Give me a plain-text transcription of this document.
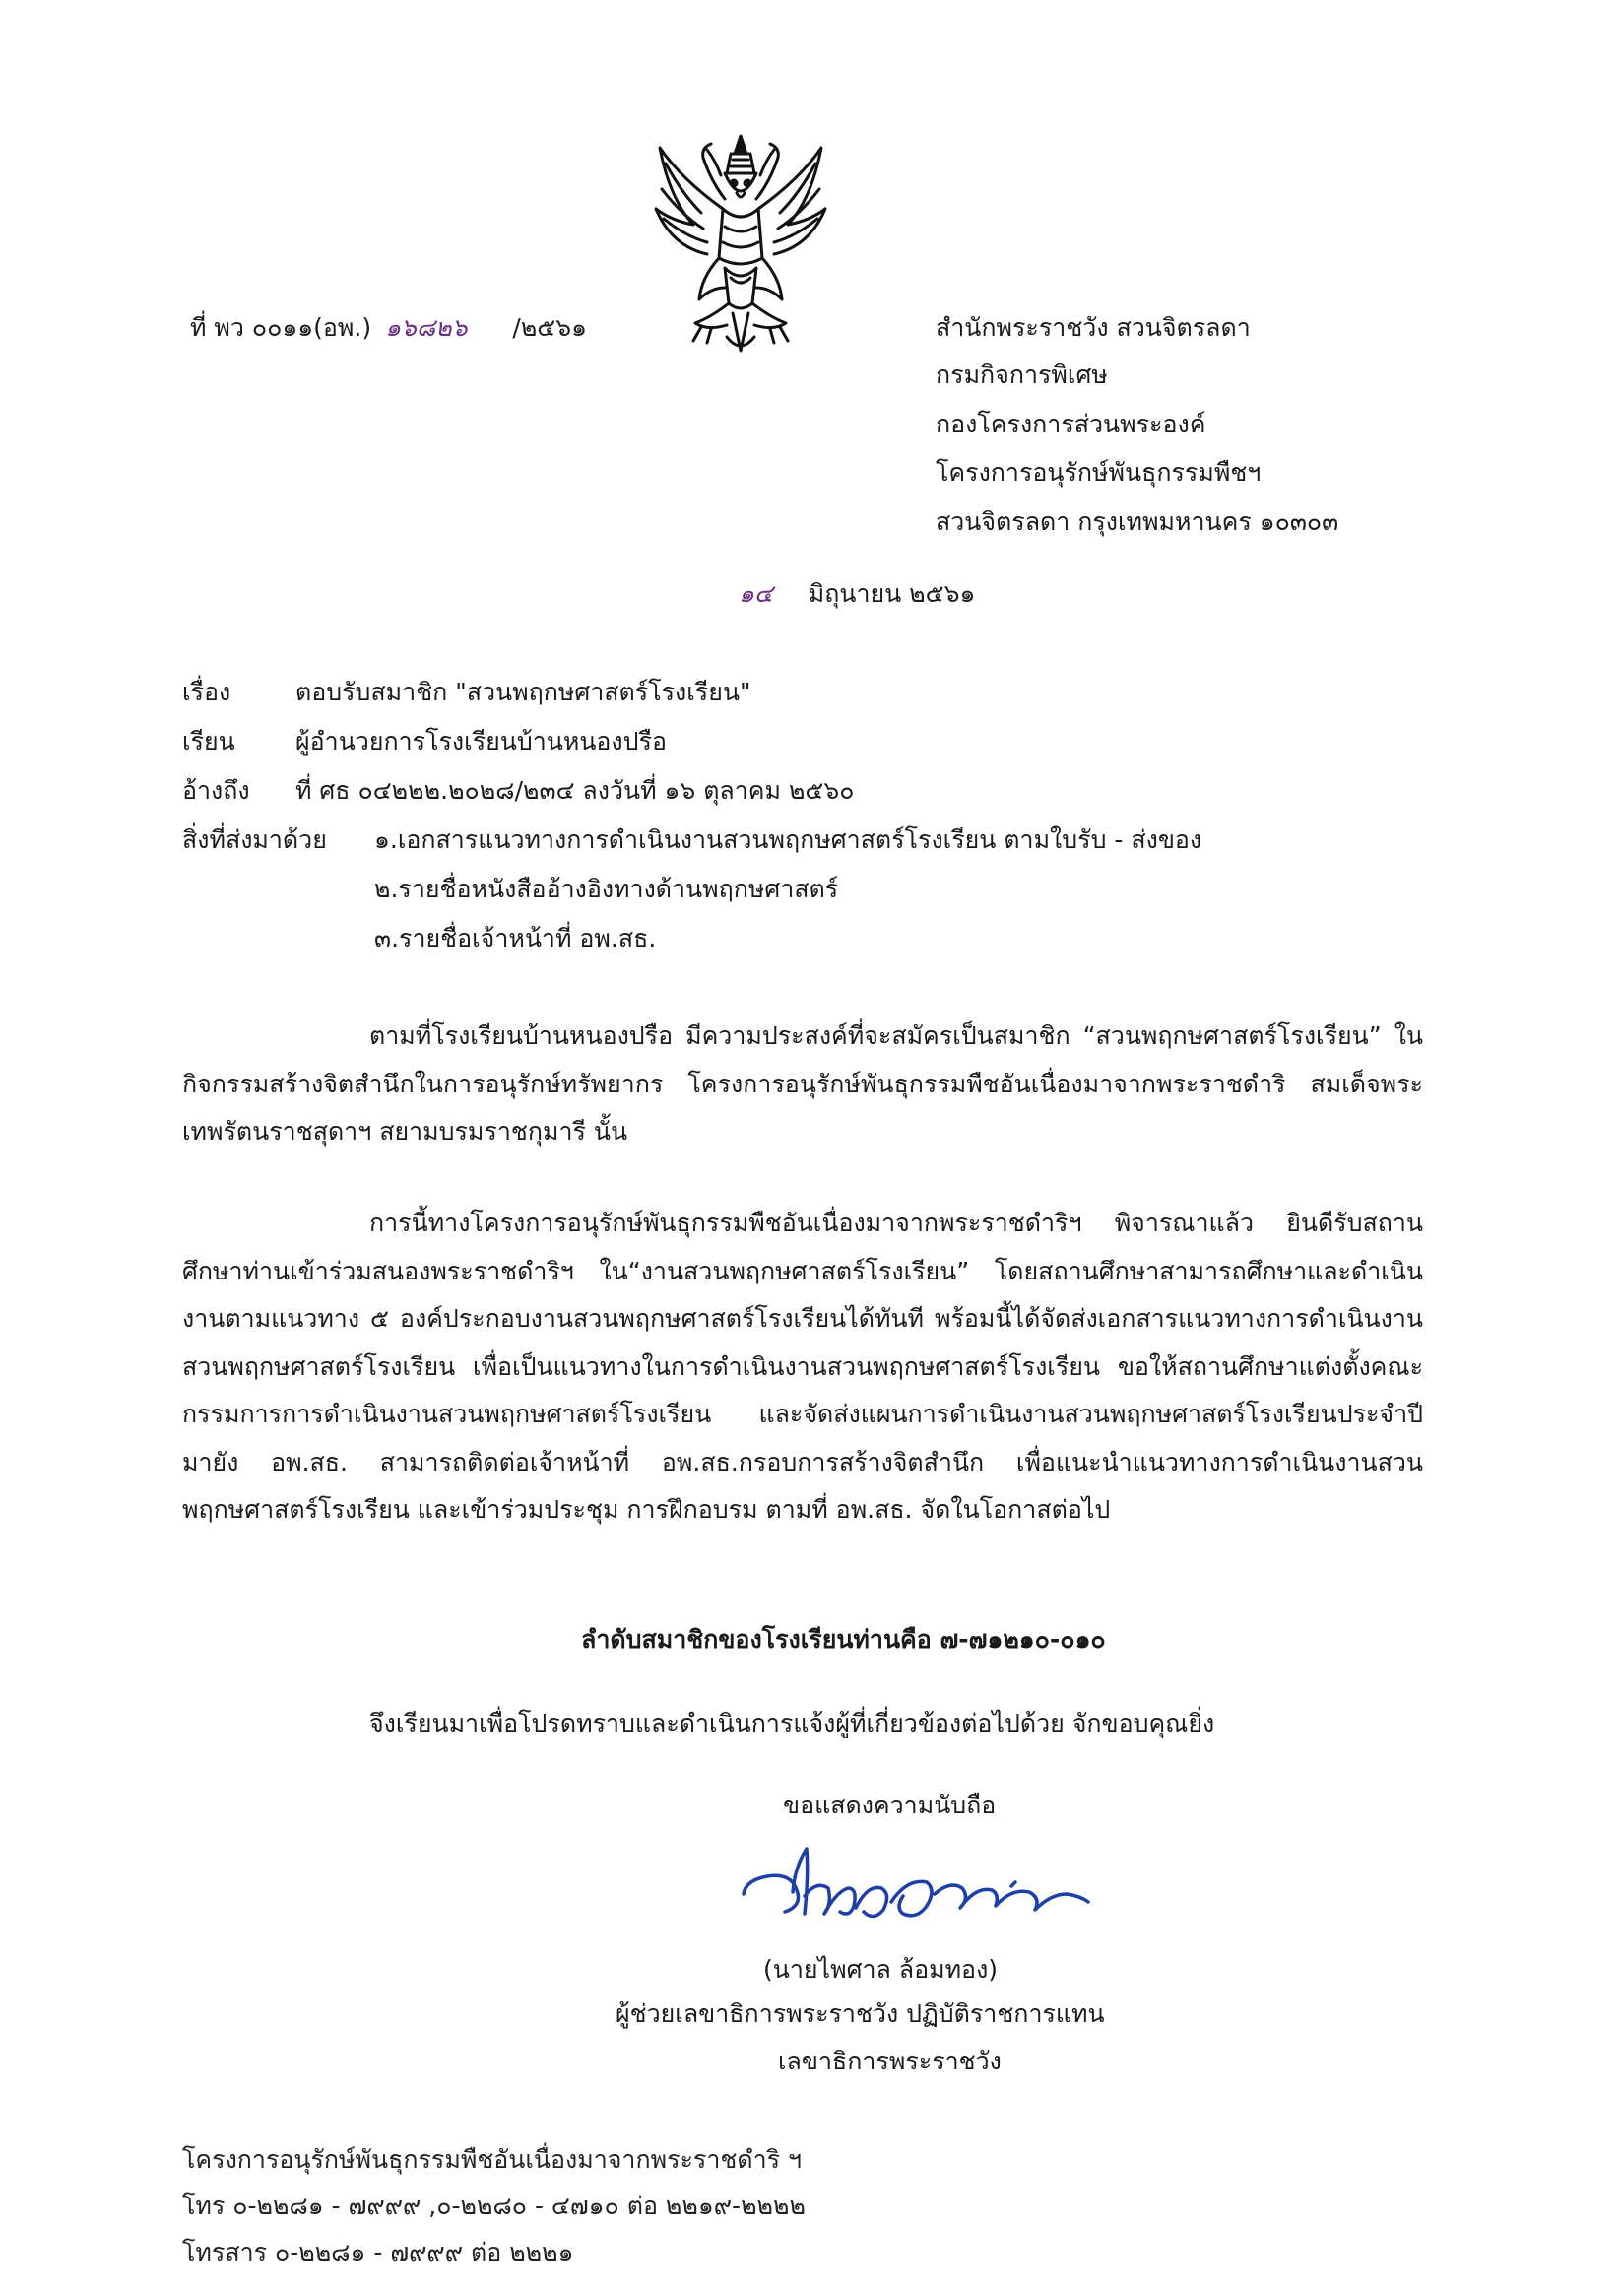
ที่ พว ๐๐๑๑(อพ.) ๑๖๘๒๖ /๒๕๖๑	สำนักพระราชวัง สวนจิตรลดา
กรมกิจการพิเศษ
กองโครงการส่วนพระองค์
โครงการอนุรักษ์พันธุกรรมพืชฯ
สวนจิตรลดา กรุงเทพมหานคร ๑๐๓๐๓
๑๔ มิถุนายน ๒๕๖๑
เรื่อง	ตอบรับสมาชิก "สวนพฤกษศาสตร์โรงเรียน"
เรียน ผู้อำนวยการโรงเรียนบ้านหนองปรือ
อ้างถึง ที่ ศธ ๐๔๒๒๒.๒๐๒๘/๒๓๔ ลงวันที่ ๑๖ ตุลาคม ๒๕๖๐
สิ่งที่ส่งมาด้วย ๑.เอกสารแนวทางการดำเนินงานสวนพฤกษศาสตร์โรงเรียน ตามใบรับ - ส่งของ
๒.รายชื่อหนังสืออ้างอิงทางด้านพฤกษศาสตร์
๓.รายชื่อเจ้าหน้าที่ อพ.สธ.
ตามที่โรงเรียนบ้านหนองปรือ มีความประสงค์ที่จะสมัครเป็นสมาชิก “สวนพฤกษศาสตร์โรงเรียน” ในกิจกรรมสร้างจิตสำนึกในการอนุรักษ์ทรัพยากร โครงการอนุรักษ์พันธุกรรมพืชอันเนื่องมาจากพระราชดำริ สมเด็จพระเทพรัตนราชสุดาฯ สยามบรมราชกุมารี นั้น
การนี้ทางโครงการอนุรักษ์พันธุกรรมพืชอันเนื่องมาจากพระราชดำริฯ พิจารณาแล้ว ยินดีรับสถานศึกษาท่านเข้าร่วมสนองพระราชดำริฯ ใน“งานสวนพฤกษศาสตร์โรงเรียน” โดยสถานศึกษาสามารถศึกษาและดำเนินงานตามแนวทาง ๕ องค์ประกอบงานสวนพฤกษศาสตร์โรงเรียนได้ทันที พร้อมนี้ได้จัดส่งเอกสารแนวทางการดำเนินงานสวนพฤกษศาสตร์โรงเรียน เพื่อเป็นแนวทางในการดำเนินงานสวนพฤกษศาสตร์โรงเรียน ขอให้สถานศึกษาแต่งตั้งคณะกรรมการการดำเนินงานสวนพฤกษศาสตร์โรงเรียน และจัดส่งแผนการดำเนินงานสวนพฤกษศาสตร์โรงเรียนประจำปี มายัง อพ.สธ. สามารถติดต่อเจ้าหน้าที่ อพ.สธ.กรอบการสร้างจิตสำนึก เพื่อแนะนำแนวทางการดำเนินงานสวนพฤกษศาสตร์โรงเรียน และเข้าร่วมประชุม การฝึกอบรม ตามที่ อพ.สธ. จัดในโอกาสต่อไป
ลำดับสมาชิกของโรงเรียนท่านคือ ๗-๗๑๒๑๐-๐๑๐
จึงเรียนมาเพื่อโปรดทราบและดำเนินการแจ้งผู้ที่เกี่ยวข้องต่อไปด้วย จักขอบคุณยิ่ง
ขอแสดงความนับถือ
(นายไพศาล ล้อมทอง)
ผู้ช่วยเลขาธิการพระราชวัง ปฏิบัติราชการแทน
เลขาธิการพระราชวัง
โครงการอนุรักษ์พันธุกรรมพืชอันเนื่องมาจากพระราชดำริ ฯ
โทร ๐-๒๒๘๑ - ๗๙๙๙ ,๐-๒๒๘๐ - ๔๗๑๐ ต่อ ๒๒๑๙-๒๒๒๒
โทรสาร ๐-๒๒๘๑ - ๗๙๙๙ ต่อ ๒๒๒๑
